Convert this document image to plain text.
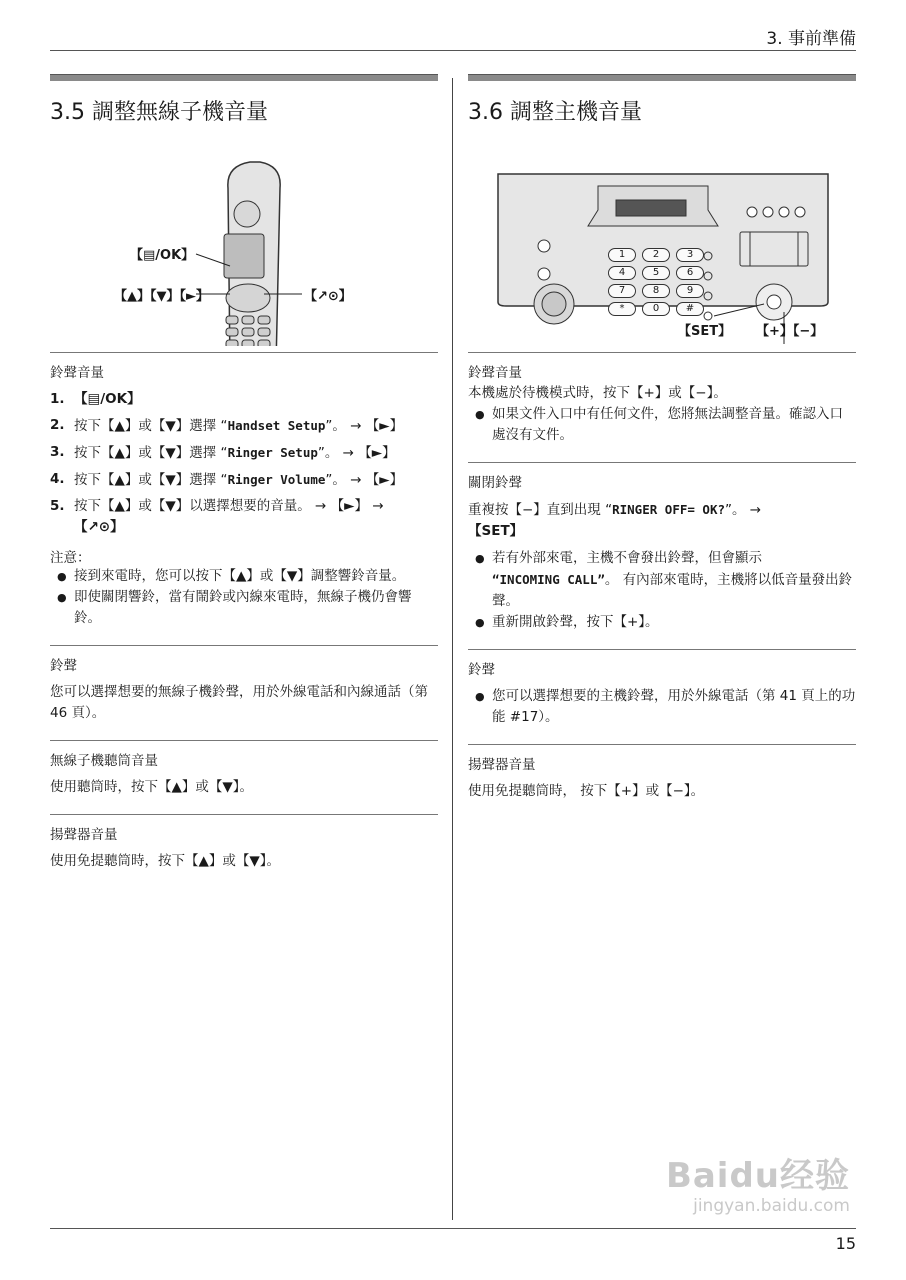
3. 事前準備
3.5 調整無線子機音量
【▤/OK】
【▲】【▼】【►】	【↗⊙】
鈴聲音量
1. 【▤/OK】
2. 按下【▲】或【▼】選擇 “Handset Setup”。 → 【►】
3. 按下【▲】或【▼】選擇 “Ringer Setup”。 → 【►】
4. 按下【▲】或【▼】選擇 “Ringer Volume”。 → 【►】
5. 按下【▲】或【▼】以選擇想要的音量。 → 【►】 →
【↗⊙】
注意：
● 接到來電時，您可以按下【▲】或【▼】調整響鈴音量。
● 即使關閉響鈴，當有鬧鈴或內線來電時，無線子機仍會響鈴。
鈴聲

您可以選擇想要的無線子機鈴聲，用於外線電話和內線通話（第 46 頁）。

無線子機聽筒音量

使用聽筒時，按下【▲】或【▼】。

揚聲器音量

使用免提聽筒時，按下【▲】或【▼】。

3.6 調整主機音量
1	2	3
4	5	6
7	8	9
*	0	#
【SET】 【+】【−】
鈴聲音量

本機處於待機模式時，按下【+】或【−】。

● 如果文件入口中有任何文件，您將無法調整音量。確認入口處沒有文件。
關閉鈴聲

重複按【−】直到出現 “RINGER OFF= OK?”。 →
【SET】

● 若有外部來電，主機不會發出鈴聲，但會顯示
“INCOMING CALL”。 有內部來電時，主機將以低音量發出鈴聲。
● 重新開啟鈴聲，按下【+】。
鈴聲
● 您可以選擇想要的主機鈴聲，用於外線電話（第 41 頁上的功能 #17）。
揚聲器音量

使用免提聽筒時， 按下【+】或【−】。

Baidu经验
jingyan.baidu.com
15
